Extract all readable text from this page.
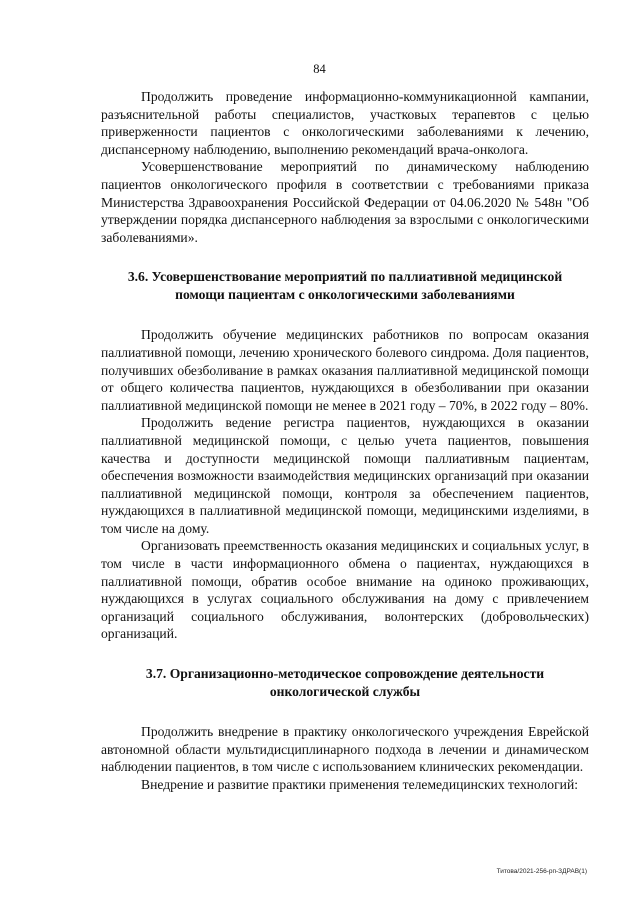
84

Продолжить проведение информационно-коммуникационной кампании, разъяснительной работы специалистов, участковых терапевтов с целью приверженности пациентов с онкологическими заболеваниями к лечению, диспансерному наблюдению, выполнению рекомендаций врача-онколога.

Усовершенствование мероприятий по динамическому наблюдению пациентов онкологического профиля в соответствии с требованиями приказа Министерства Здравоохранения Российской Федерации от 04.06.2020 № 548н "Об утверждении порядка диспансерного наблюдения за взрослыми с онкологическими заболеваниями».

3.6. Усовершенствование мероприятий по паллиативной медицинской помощи пациентам с онкологическими заболеваниями

Продолжить обучение медицинских работников по вопросам оказания паллиативной помощи, лечению хронического болевого синдрома. Доля пациентов, получивших обезболивание в рамках оказания паллиативной медицинской помощи от общего количества пациентов, нуждающихся в обезболивании при оказании паллиативной медицинской помощи не менее в 2021 году – 70%, в 2022 году – 80%.

Продолжить ведение регистра пациентов, нуждающихся в оказании паллиативной медицинской помощи, с целью учета пациентов, повышения качества и доступности медицинской помощи паллиативным пациентам, обеспечения возможности взаимодействия медицинских организаций при оказании паллиативной медицинской помощи, контроля за обеспечением пациентов, нуждающихся в паллиативной медицинской помощи, медицинскими изделиями, в том числе на дому.

Организовать преемственность оказания медицинских и социальных услуг, в том числе в части информационного обмена о пациентах, нуждающихся в паллиативной помощи, обратив особое внимание на одиноко проживающих, нуждающихся в услугах социального обслуживания на дому с привлечением организаций социального обслуживания, волонтерских (добровольческих) организаций.

3.7. Организационно-методическое сопровождение деятельности онкологической службы

Продолжить внедрение в практику онкологического учреждения Еврейской автономной области мультидисциплинарного подхода в лечении и динамическом наблюдении пациентов, в том числе с использованием клинических рекомендации.

Внедрение и развитие практики применения телемедицинских технологий:

Титова/2021-256-рп-ЗДРАВ(1)
